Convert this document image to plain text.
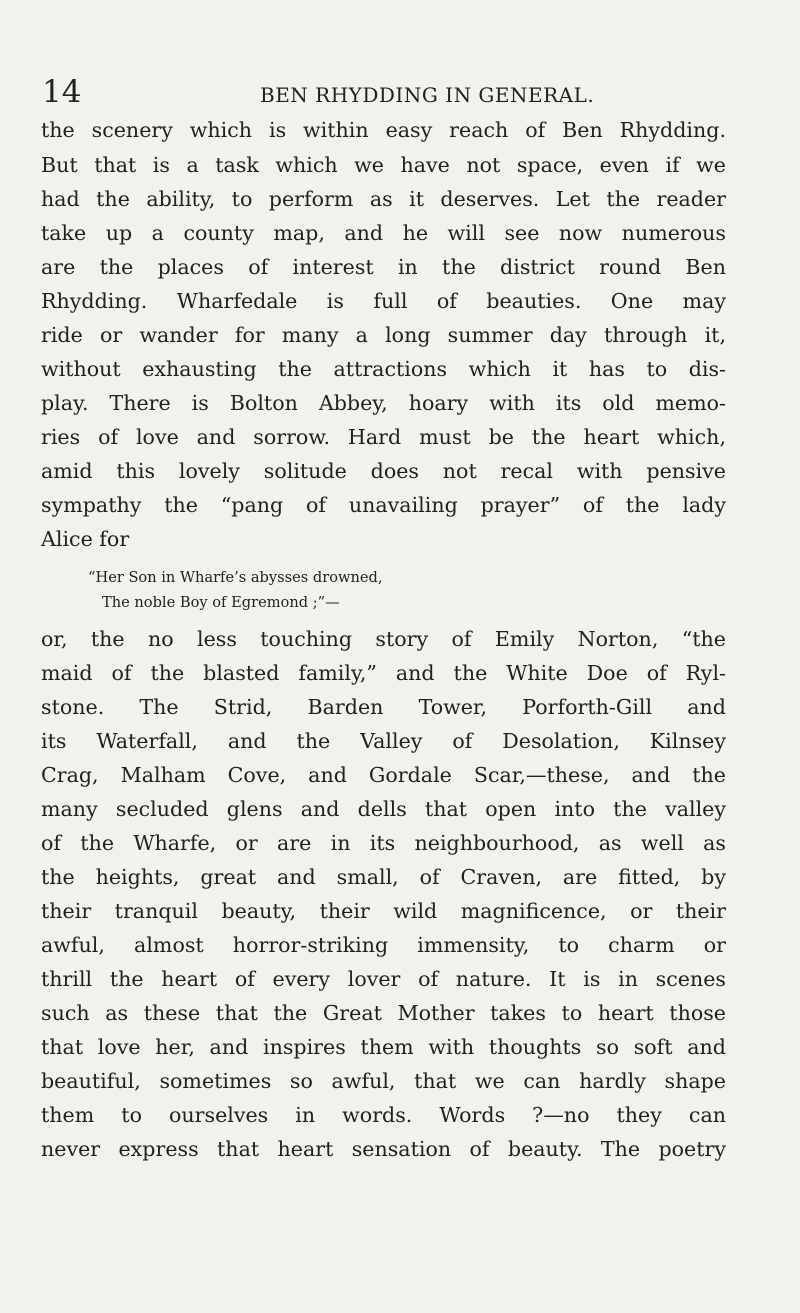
14	BEN RHYDDING IN GENERAL.
the scenery which is within easy reach of Ben Rhydding.
But that is a task which we have not space, even if we
had the ability, to perform as it deserves. Let the reader
take up a county map, and he will see now numerous
are the places of interest in the district round Ben
Rhydding. Wharfedale is full of beauties. One may
ride or wander for many a long summer day through it,
without exhausting the attractions which it has to dis-
play. There is Bolton Abbey, hoary with its old memo-
ries of love and sorrow. Hard must be the heart which,
amid this lovely solitude does not recal with pensive
sympathy the “pang of unavailing prayer” of the lady
Alice for
“Her Son in Wharfe’s abysses drowned,
The noble Boy of Egremond ;”—
or, the no less touching story of Emily Norton, “the
maid of the blasted family,” and the White Doe of Ryl-
stone. The Strid, Barden Tower, Porforth-Gill and
its Waterfall, and the Valley of Desolation, Kilnsey
Crag, Malham Cove, and Gordale Scar,—these, and the
many secluded glens and dells that open into the valley
of the Wharfe, or are in its neighbourhood, as well as
the heights, great and small, of Craven, are fitted, by
their tranquil beauty, their wild magnificence, or their
awful, almost horror-striking immensity, to charm or
thrill the heart of every lover of nature. It is in scenes
such as these that the Great Mother takes to heart those
that love her, and inspires them with thoughts so soft and
beautiful, sometimes so awful, that we can hardly shape
them to ourselves in words. Words ?—no they can
never express that heart sensation of beauty. The poetry
